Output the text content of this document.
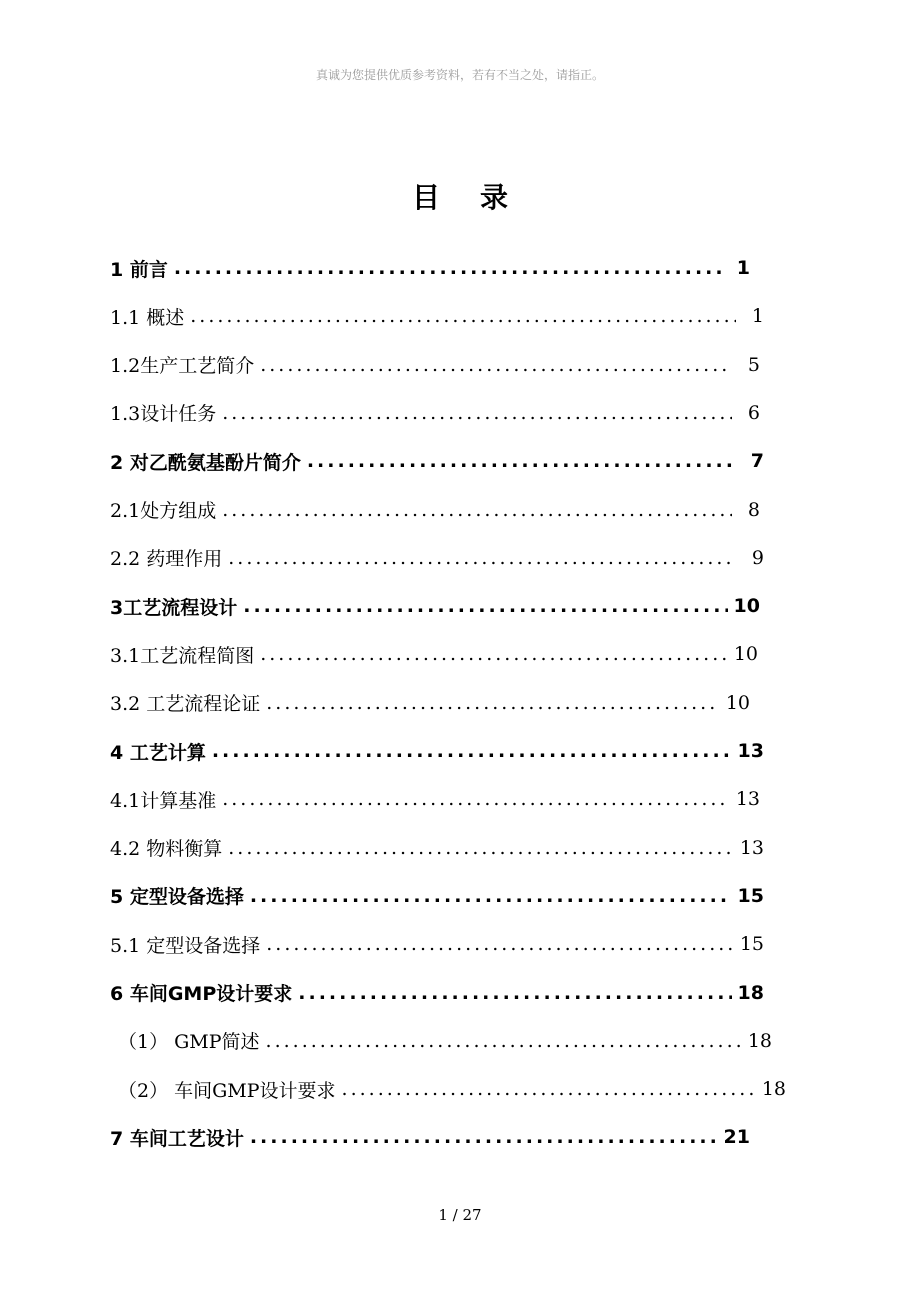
真诚为您提供优质参考资料，若有不当之处，请指正。
目录
1 前言 .....	1
1.1 概述 .....	1
1.2生产工艺简介 .....	5
1.3设计任务 .....	6
2 对乙酰氨基酚片简介 .....	7
2.1处方组成 .....	8
2.2 药理作用 .....	9
3工艺流程设计 .....	10
3.1工艺流程简图 .....	10
3.2 工艺流程论证 .....	10
4 工艺计算 .....	13
4.1计算基准 .....	13
4.2 物料衡算 .....	13
5 定型设备选择 .....	15
5.1 定型设备选择 .....	15
6 车间GMP设计要求 .....	18
（1） GMP简述 .....	18
（2） 车间GMP设计要求 .....	18
7 车间工艺设计 .....	21
1 / 27
